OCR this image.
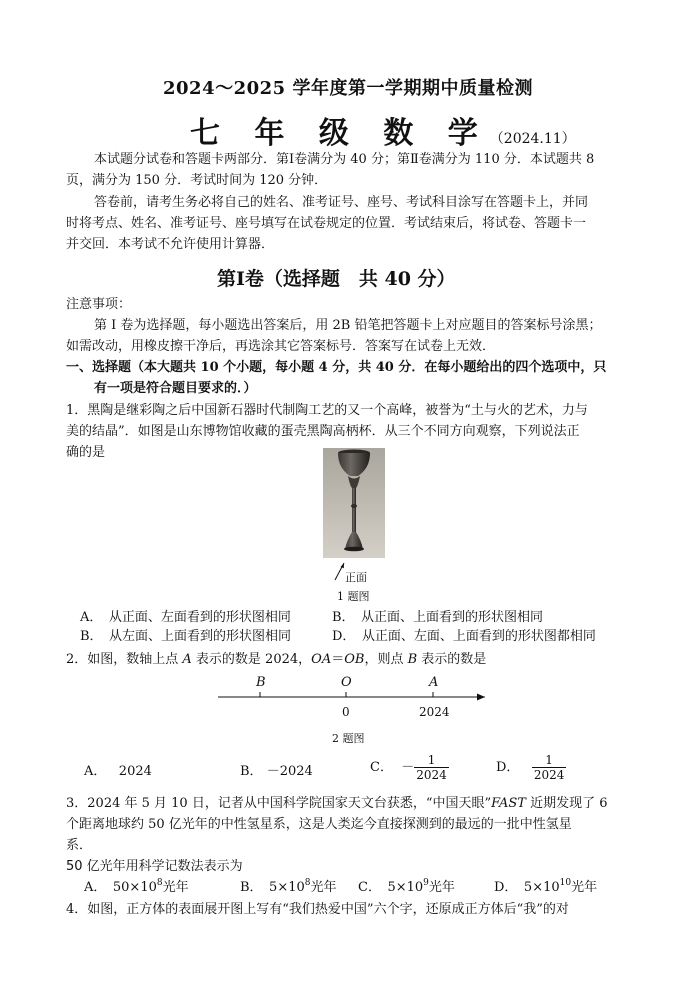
2024～2025 学年度第一学期期中质量检测
七 年 级 数 学（2024.11）
本试题分试卷和答题卡两部分．第Ⅰ卷满分为 40 分；第Ⅱ卷满分为 110 分．本试题共 8
页，满分为 150 分．考试时间为 120 分钟．
答卷前，请考生务必将自己的姓名、准考证号、座号、考试科目涂写在答题卡上，并同
时将考点、姓名、准考证号、座号填写在试卷规定的位置．考试结束后，将试卷、答题卡一
并交回．本考试不允许使用计算器．
第Ⅰ卷（选择题　共 40 分）
注意事项：
第 Ⅰ 卷为选择题，每小题选出答案后，用 2B 铅笔把答题卡上对应题目的答案标号涂黑；
如需改动，用橡皮擦干净后，再选涂其它答案标号．答案写在试卷上无效．
一、选择题（本大题共 10 个小题，每小题 4 分，共 40 分．在每小题给出的四个选项中，只
有一项是符合题目要求的．）
1．黑陶是继彩陶之后中国新石器时代制陶工艺的又一个高峰，被誉为“土与火的艺术，力与
美的结晶”．如图是山东博物馆收藏的蛋壳黑陶高柄杯．从三个不同方向观察，下列说法正
确的是
正面
1 题图
A．　从正面、左面看到的形状图相同	B．　从正面、上面看到的形状图相同
B．　从左面、上面看到的形状图相同	D．　从正面、左面、上面看到的形状图都相同
2．如图，数轴上点 A 表示的数是 2024，OA＝OB，则点 B 表示的数是
B	O	A
0	2024
2 题图
A． 2024	B． －2024	C． － $\frac{1}{2024}$	D． $\frac{1}{2024}$
3．2024 年 5 月 10 日，记者从中国科学院国家天文台获悉，“中国天眼”FAST 近期发现了 6
个距离地球约 50 亿光年的中性氢星系，这是人类迄今直接探测到的最远的一批中性氢星
系．
50 亿光年用科学记数法表示为
A．　$50\times 10^8$光年	B．　$5\times 10^8$光年 C．　$5\times 10^9$光年	D．　$5\times 10^{10}$光年
4．如图，正方体的表面展开图上写有“我们热爱中国”六个字，还原成正方体后“我”的对
